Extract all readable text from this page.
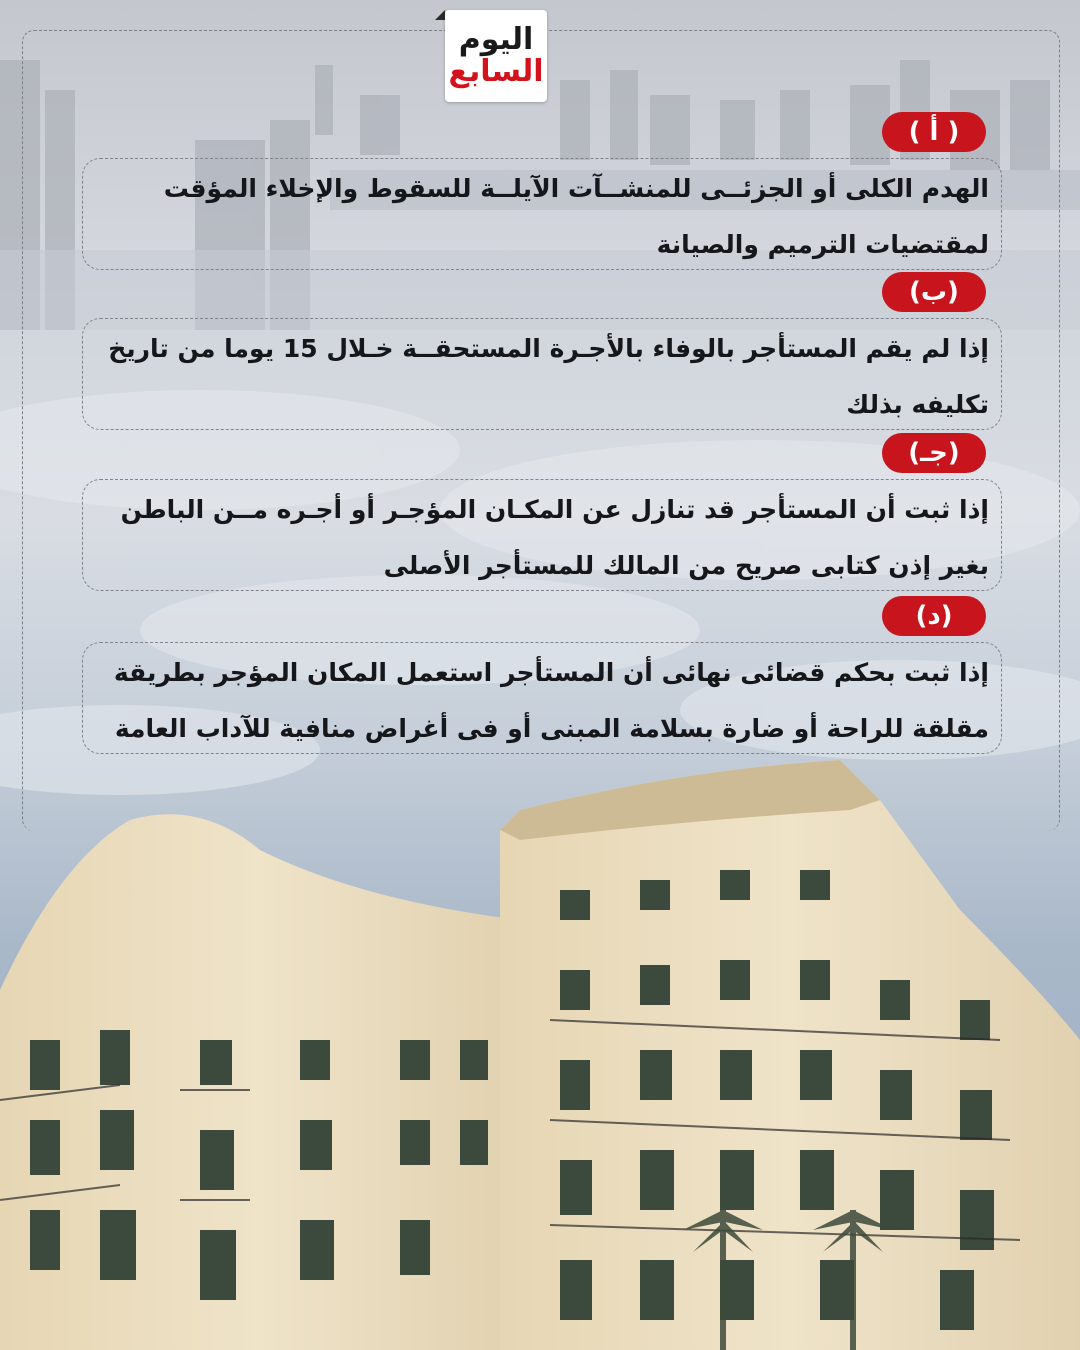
اليوم
السابع
( أ )
الهدم الكلى أو الجزئــى للمنشــآت الآيلــة للسقوط والإخلاء المؤقت لمقتضيات الترميم والصيانة
(ب)
إذا لم يقم المستأجر بالوفاء بالأجـرة المستحقــة خـلال 15 يوما من تاريخ تكليفه بذلك
(جـ)
إذا ثبت أن المستأجر قد تنازل عن المكـان المؤجـر أو أجـره مــن الباطن بغير إذن كتابى صريح من المالك للمستأجر الأصلى
(د)
إذا ثبت بحكم قضائى نهائى أن المستأجر استعمل المكان المؤجر بطريقة مقلقة للراحة أو ضارة بسلامة المبنى أو فى أغراض منافية للآداب العامة
